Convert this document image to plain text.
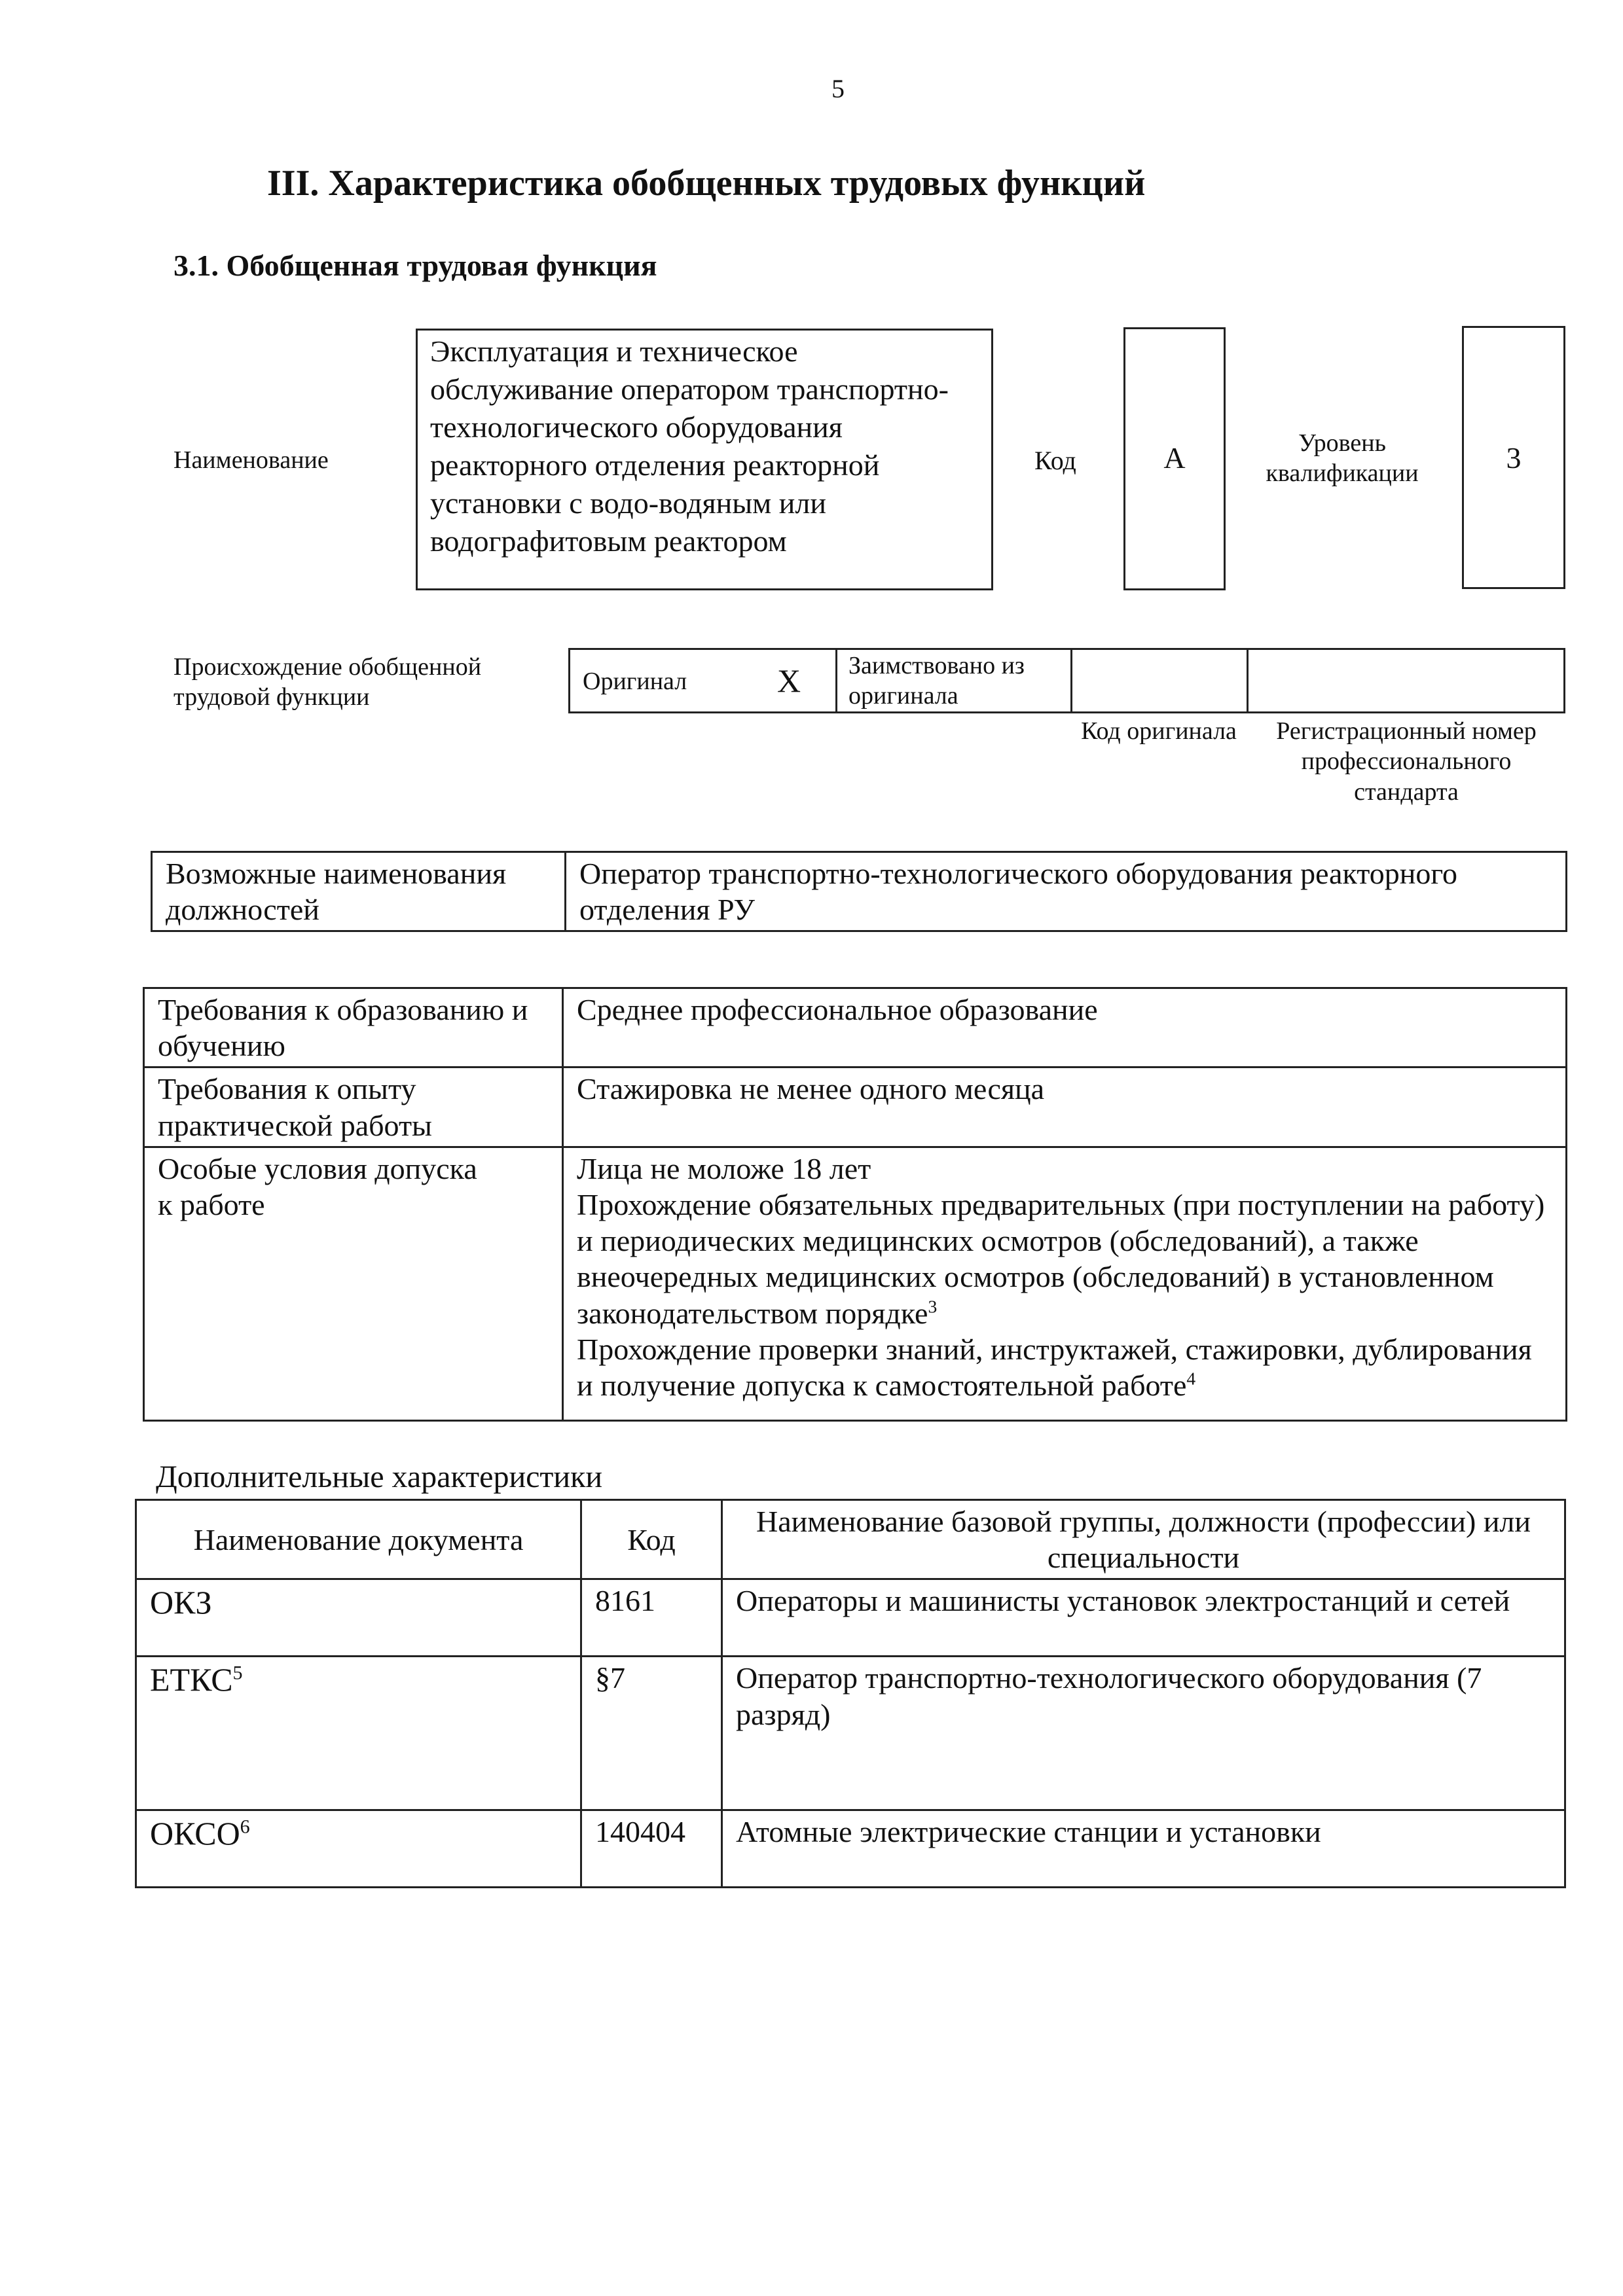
5
III. Характеристика обобщенных трудовых функций
3.1. Обобщенная трудовая функция
Наименование
Эксплуатация и техническое обслуживание оператором транспортно-технологического оборудования реакторного отделения реакторной установки с водо-водяным или водографитовым реактором
Код	А	Уровень квалификации	3
Происхождение обобщенной трудовой функции
Оригинал	Х Заимствовано из оригинала
Код оригинала	Регистрационный номер профессионального стандарта
Возможные наименования должностей	Оператор транспортно-технологического оборудования реакторного отделения РУ
Требования к образованию и обучению	Среднее профессиональное образование
Требования к опыту практической работы	Стажировка не менее одного месяца
Особые условия допуска к работе	Лица не моложе 18 лет
Прохождение обязательных предварительных (при поступлении на работу) и периодических медицинских осмотров (обследований), а также внеочередных медицинских осмотров (обследований) в установленном законодательством порядке$^3$
Прохождение проверки знаний, инструктажей, стажировки, дублирования и получение допуска к самостоятельной работе$^4$
Дополнительные характеристики
Наименование документа	Код	Наименование базовой группы, должности (профессии) или специальности
ОКЗ	8161	Операторы и машинисты установок электростанций и сетей
ЕТКС$^5$	§7	Оператор транспортно-технологического оборудования (7 разряд)
ОКСО$^6$	140404	Атомные электрические станции и установки
